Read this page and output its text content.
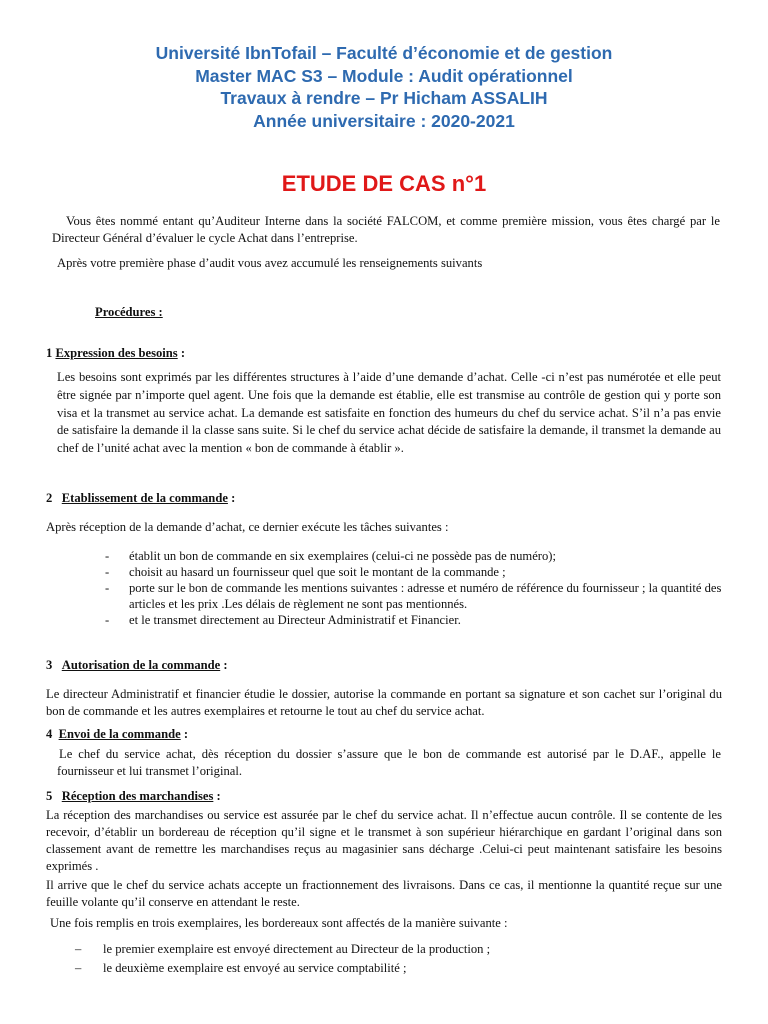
Université IbnTofail – Faculté d’économie et de gestion
Master MAC S3 – Module : Audit opérationnel
Travaux à rendre – Pr Hicham ASSALIH
Année universitaire : 2020-2021
ETUDE DE CAS n°1

Vous êtes nommé entant qu’Auditeur Interne dans la société FALCOM, et comme première mission, vous êtes chargé par le Directeur Général d’évaluer le cycle Achat dans l’entreprise.

Après votre première phase d’audit vous avez accumulé les renseignements suivants

Procédures :
1 Expression des besoins :

Les besoins sont exprimés par les différentes structures à l’aide d’une demande d’achat. Celle -ci n’est pas numérotée et elle peut être signée par n’importe quel agent. Une fois que la demande est établie, elle est transmise au contrôle de gestion qui y porte son visa et la transmet au service achat. La demande est satisfaite en fonction des humeurs du chef du service achat. S’il n’a pas envie de satisfaire la demande il la classe sans suite. Si le chef du service achat décide de satisfaire la demande, il transmet la demande au chef de l’unité achat avec la mention « bon de commande à établir ».

2 Etablissement de la commande :

Après réception de la demande d’achat, ce dernier exécute les tâches suivantes :

- établit un bon de commande en six exemplaires (celui-ci ne possède pas de numéro);
- choisit au hasard un fournisseur quel que soit le montant de la commande ;
- porte sur le bon de commande les mentions suivantes : adresse et numéro de référence du fournisseur ; la quantité des articles et les prix .Les délais de règlement ne sont pas mentionnés.
- et le transmet directement au Directeur Administratif et Financier.
3 Autorisation de la commande :

Le directeur Administratif et financier étudie le dossier, autorise la commande en portant sa signature et son cachet sur l’original du bon de commande et les autres exemplaires et retourne le tout au chef du service achat.

4 Envoi de la commande :

Le chef du service achat, dès réception du dossier s’assure que le bon de commande est autorisé par le D.AF., appelle le fournisseur et lui transmet l’original.

5 Réception des marchandises :

La réception des marchandises ou service est assurée par le chef du service achat. Il n’effectue aucun contrôle. Il se contente de les recevoir, d’établir un bordereau de réception qu’il signe et le transmet à son supérieur hiérarchique en gardant l’original dans son classement avant de remettre les marchandises reçus au magasinier sans décharge .Celui-ci peut maintenant satisfaire les besoins exprimés .

Il arrive que le chef du service achats accepte un fractionnement des livraisons. Dans ce cas, il mentionne la quantité reçue sur une feuille volante qu’il conserve en attendant le reste.

Une fois remplis en trois exemplaires, les bordereaux sont affectés de la manière suivante :

– le premier exemplaire est envoyé directement au Directeur de la production ;
– le deuxième exemplaire est envoyé au service comptabilité ;
